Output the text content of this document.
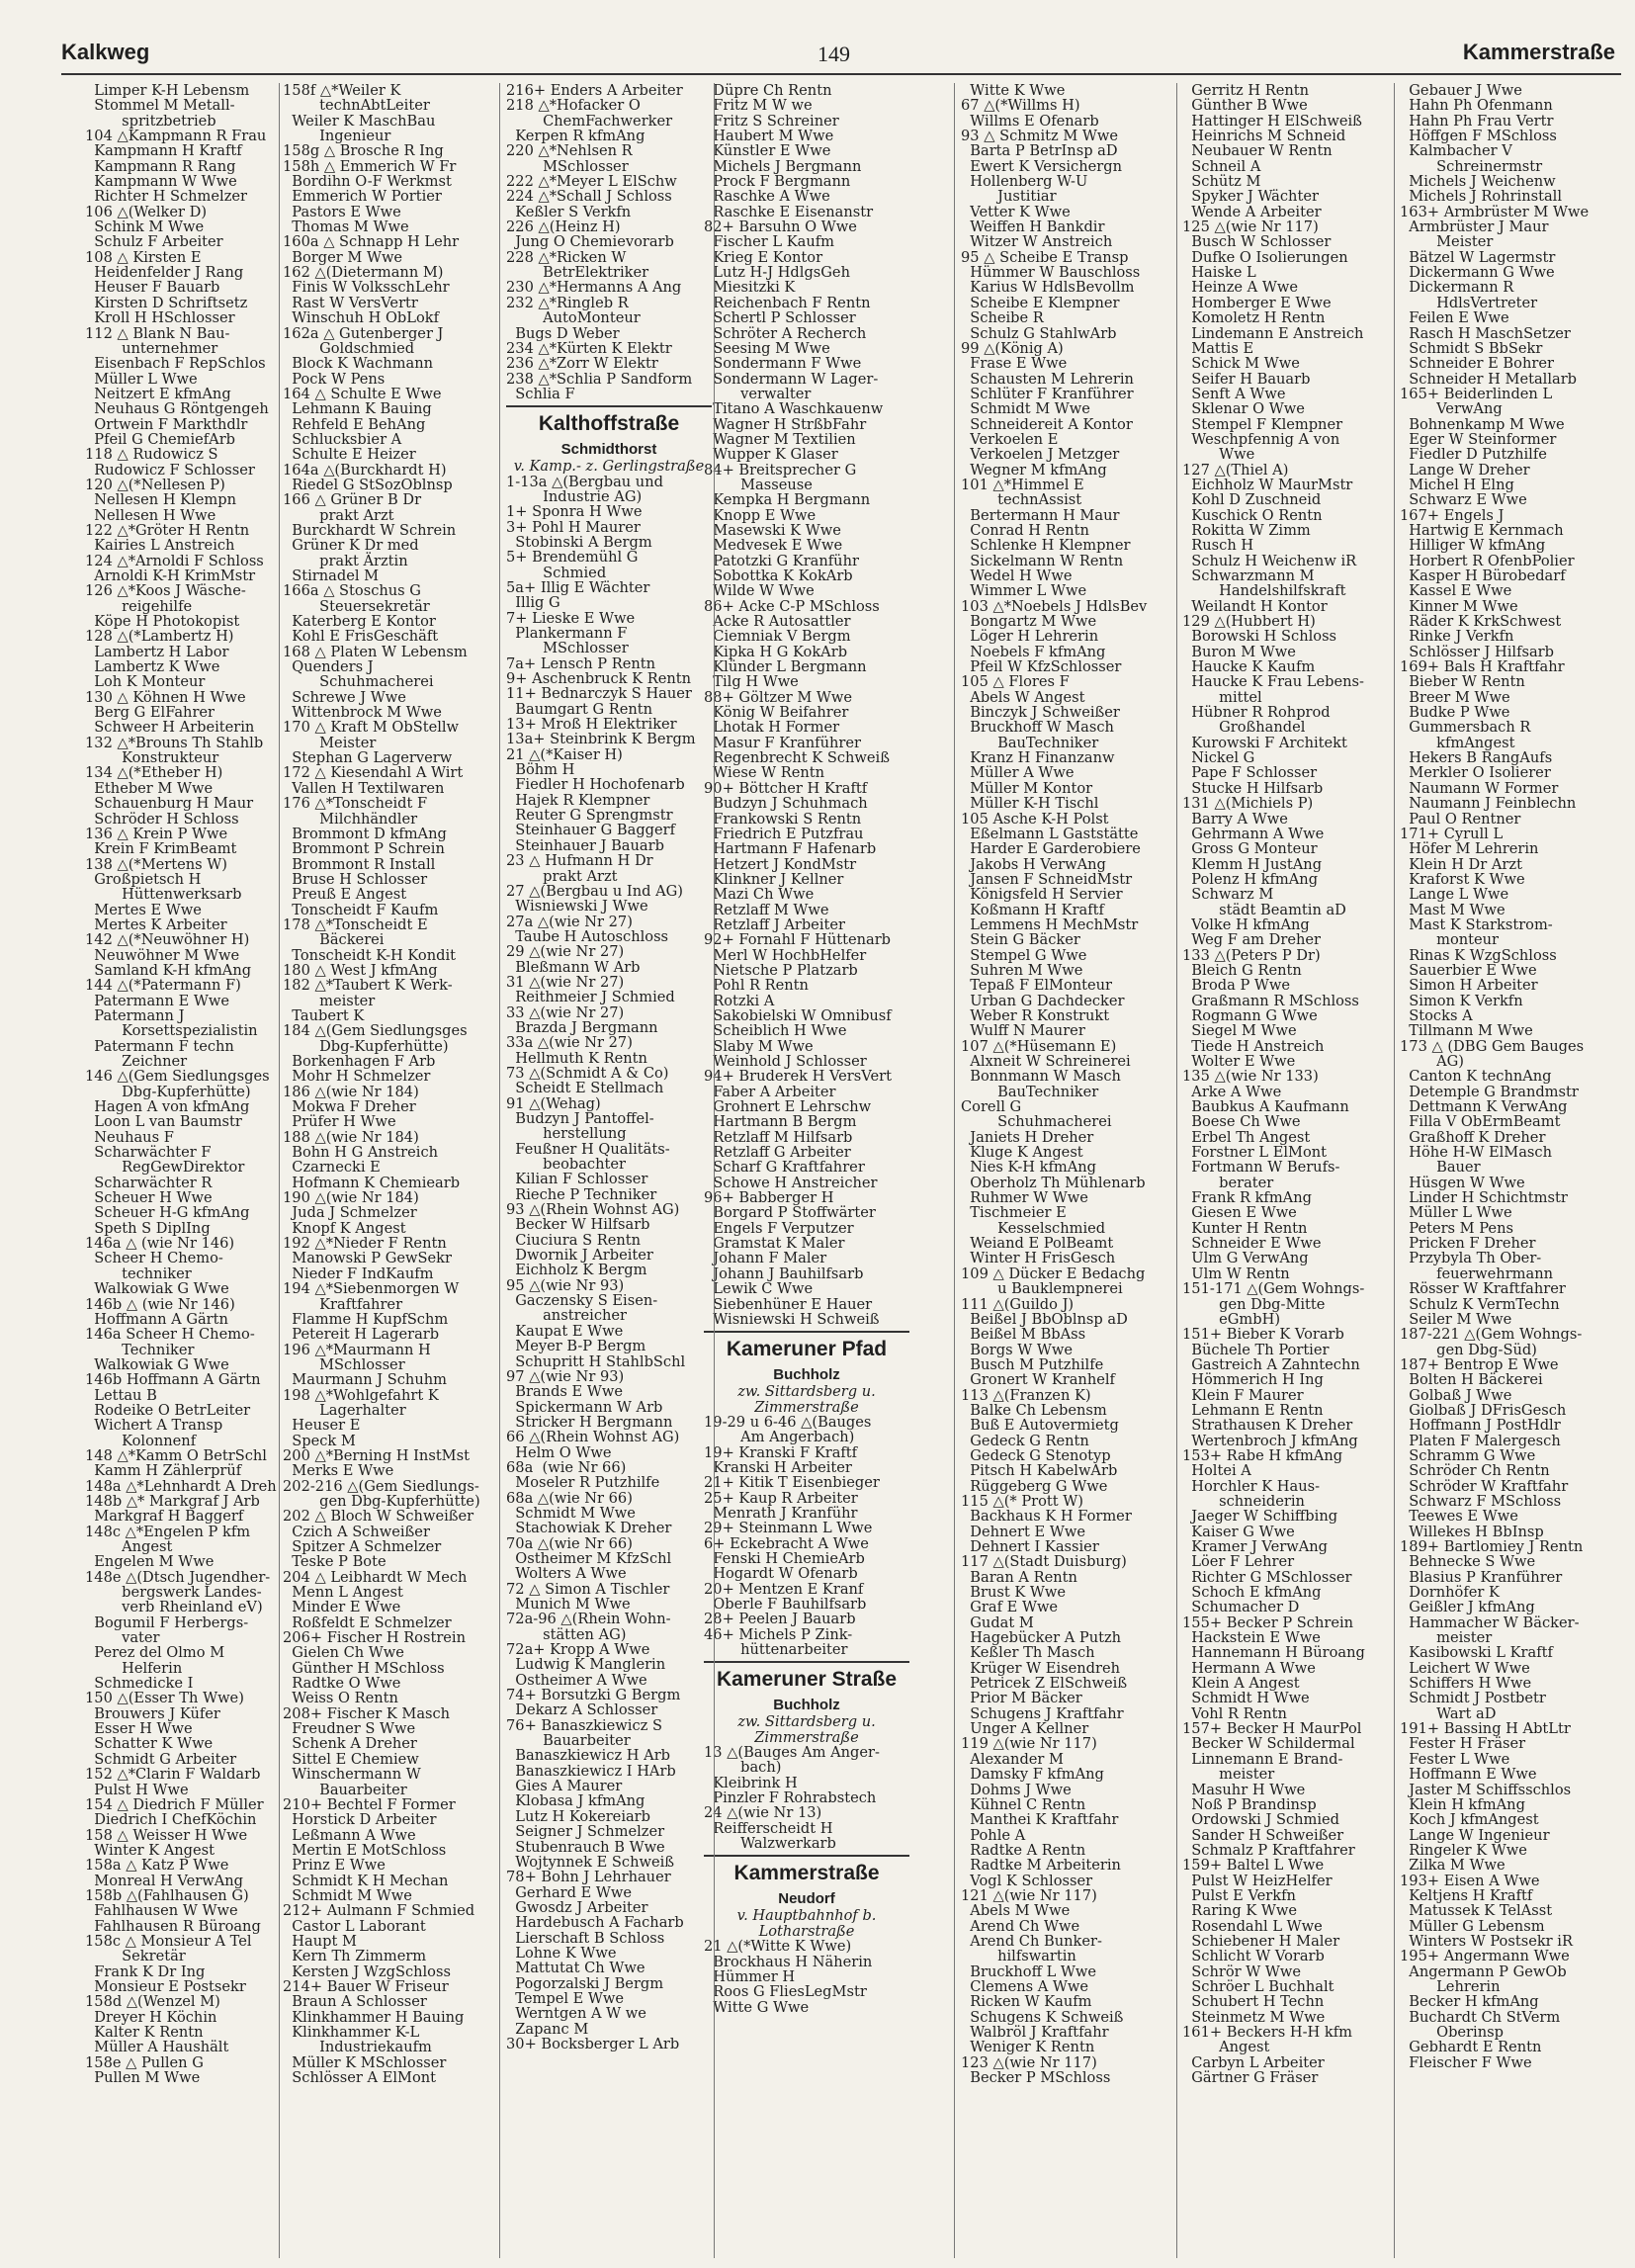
Kalkweg	149	Kammerstraße
Limper K-H Lebensm
Stommel M Metall-
spritzbetrieb
104 △Kampmann R Frau
Kampmann H Kraftf
Kampmann R Rang
Kampmann W Wwe
Richter H Schmelzer
106 △(Welker D)
Schink M Wwe
Schulz F Arbeiter
108 △ Kirsten E
Heidenfelder J Rang
Heuser F Bauarb
Kirsten D Schriftsetz
Kroll H HSchlosser
112 △ Blank N Bau-
unternehmer
Eisenbach F RepSchlos
Müller L Wwe
Neitzert E kfmAng
Neuhaus G Röntgengeh
Ortwein F Markthdlr
Pfeil G ChemiefArb
118 △ Rudowicz S
Rudowicz F Schlosser
120 △(*Nellesen P)
Nellesen H Klempn
Nellesen H Wwe
122 △*Gröter H Rentn
Kairies L Anstreich
124 △*Arnoldi F Schloss
Arnoldi K-H KrimMstr
126 △*Koos J Wäsche-
reigehilfe
Köpe H Photokopist
128 △(*Lambertz H)
Lambertz H Labor
Lambertz K Wwe
Loh K Monteur
130 △ Köhnen H Wwe
Berg G ElFahrer
Schweer H Arbeiterin
132 △*Brouns Th Stahlb
Konstrukteur
134 △(*Etheber H)
Etheber M Wwe
Schauenburg H Maur
Schröder H Schloss
136 △ Krein P Wwe
Krein F KrimBeamt
138 △(*Mertens W)
Großpietsch H
Hüttenwerksarb
Mertes E Wwe
Mertes K Arbeiter
142 △(*Neuwöhner H)
Neuwöhner M Wwe
Samland K-H kfmAng
144 △(*Patermann F)
Patermann E Wwe
Patermann J
Korsettspezialistin
Patermann F techn
Zeichner
146 △(Gem Siedlungsges
Dbg-Kupferhütte)
Hagen A von kfmAng
Loon L van Baumstr
Neuhaus F
Scharwächter F
RegGewDirektor
Scharwächter R
Scheuer H Wwe
Scheuer H-G kfmAng
Speth S DiplIng
146a △ (wie Nr 146)
Scheer H Chemo-
techniker
Walkowiak G Wwe
146b △ (wie Nr 146)
Hoffmann A Gärtn
146a Scheer H Chemo-
Techniker
Walkowiak G Wwe
146b Hoffmann A Gärtn
Lettau B
Rodeike O BetrLeiter
Wichert A Transp
Kolonnenf
148 △*Kamm O BetrSchl
Kamm H Zählerprüf
148a △*Lehnhardt A Dreh
148b △* Markgraf J Arb
Markgraf H Baggerf
148c △*Engelen P kfm
Angest
Engelen M Wwe
148e △(Dtsch Jugendher-
bergswerk Landes-
verb Rheinland eV)
Bogumil F Herbergs-
vater
Perez del Olmo M
Helferin
Schmedicke I
150 △(Esser Th Wwe)
Brouwers J Küfer
Esser H Wwe
Schatter K Wwe
Schmidt G Arbeiter
152 △*Clarin F Waldarb
Pulst H Wwe
154 △ Diedrich F Müller
Diedrich I ChefKöchin
158 △ Weisser H Wwe
Winter K Angest
158a △ Katz P Wwe
Monreal H VerwAng
158b △(Fahlhausen G)
Fahlhausen W Wwe
Fahlhausen R Büroang
158c △ Monsieur A Tel
Sekretär
Frank K Dr Ing
Monsieur E Postsekr
158d △(Wenzel M)
Dreyer H Köchin
Kalter K Rentn
Müller A Haushält
158e △ Pullen G
Pullen M Wwe
158f △*Weiler K
technAbtLeiter
Weiler K MaschBau
Ingenieur
158g △ Brosche R Ing
158h △ Emmerich W Fr
Bordihn O-F Werkmst
Emmerich W Portier
Pastors E Wwe
Thomas M Wwe
160a △ Schnapp H Lehr
Borger M Wwe
162 △(Dietermann M)
Finis W VolksschLehr
Rast W VersVertr
Winschuh H ObLokf
162a △ Gutenberger J
Goldschmied
Block K Wachmann
Pock W Pens
164 △ Schulte E Wwe
Lehmann K Bauing
Rehfeld E BehAng
Schlucksbier A
Schulte E Heizer
164a △(Burckhardt H)
Riedel G StSozOblnsp
166 △ Grüner B Dr
prakt Arzt
Burckhardt W Schrein
Grüner K Dr med
prakt Ärztin
Stirnadel M
166a △ Stoschus G
Steuersekretär
Katerberg E Kontor
Kohl E FrisGeschäft
168 △ Platen W Lebensm
Quenders J
Schuhmacherei
Schrewe J Wwe
Wittenbrock M Wwe
170 △ Kraft M ObStellw
Meister
Stephan G Lagerverw
172 △ Kiesendahl A Wirt
Vallen H Textilwaren
176 △*Tonscheidt F
Milchhändler
Brommont D kfmAng
Brommont P Schrein
Brommont R Install
Bruse H Schlosser
Preuß E Angest
Tonscheidt F Kaufm
178 △*Tonscheidt E
Bäckerei
Tonscheidt K-H Kondit
180 △ West J kfmAng
182 △*Taubert K Werk-
meister
Taubert K
184 △(Gem Siedlungsges
Dbg-Kupferhütte)
Borkenhagen F Arb
Mohr H Schmelzer
186 △(wie Nr 184)
Mokwa F Dreher
Prüfer H Wwe
188 △(wie Nr 184)
Bohn H G Anstreich
Czarnecki E
Hofmann K Chemiearb
190 △(wie Nr 184)
Juda J Schmelzer
Knopf K Angest
192 △*Nieder F Rentn
Manowski P GewSekr
Nieder F IndKaufm
194 △*Siebenmorgen W
Kraftfahrer
Flamme H KupfSchm
Petereit H Lagerarb
196 △*Maurmann H
MSchlosser
Maurmann J Schuhm
198 △*Wohlgefahrt K
Lagerhalter
Heuser E
Speck M
200 △*Berning H InstMst
Merks E Wwe
202-216 △(Gem Siedlungs-
gen Dbg-Kupferhütte)
202 △ Bloch W Schweißer
Czich A Schweißer
Spitzer A Schmelzer
Teske P Bote
204 △ Leibhardt W Mech
Menn L Angest
Minder E Wwe
Roßfeldt E Schmelzer
206+ Fischer H Rostrein
Gielen Ch Wwe
Günther H MSchloss
Radtke O Wwe
Weiss O Rentn
208+ Fischer K Masch
Freudner S Wwe
Schenk A Dreher
Sittel E Chemiew
Winschermann W
Bauarbeiter
210+ Bechtel F Former
Horstick D Arbeiter
Leßmann A Wwe
Mertin E MotSchloss
Prinz E Wwe
Schmidt K H Mechan
Schmidt M Wwe
212+ Aulmann F Schmied
Castor L Laborant
Haupt M
Kern Th Zimmerm
Kersten J WzgSchloss
214+ Bauer W Friseur
Braun A Schlosser
Klinkhammer H Bauing
Klinkhammer K-L
Industriekaufm
Müller K MSchlosser
Schlösser A ElMont
216+ Enders A Arbeiter
218 △*Hofacker O
ChemFachwerker
Kerpen R kfmAng
220 △*Nehlsen R
MSchlosser
222 △*Meyer L ElSchw
224 △*Schall J Schloss
Keßler S Verkfn
226 △(Heinz H)
Jung O Chemievorarb
228 △*Ricken W
BetrElektriker
230 △*Hermanns A Ang
232 △*Ringleb R
AutoMonteur
Bugs D Weber
234 △*Kürten K Elektr
236 △*Zorr W Elektr
238 △*Schlia P Sandform
Schlia F
Kalthoffstraße
Schmidthorst
v. Kamp.- z. Gerlingstraße
1-13a △(Bergbau und
Industrie AG)
1+ Sponra H Wwe
3+ Pohl H Maurer
Stobinski A Bergm
5+ Brendemühl G
Schmied
5a+ Illig E Wächter
Illig G
7+ Lieske E Wwe
Plankermann F
MSchlosser
7a+ Lensch P Rentn
9+ Aschenbruck K Rentn
11+ Bednarczyk S Hauer
Baumgart G Rentn
13+ Mroß H Elektriker
13a+ Steinbrink K Bergm
21 △(*Kaiser H)
Böhm H
Fiedler H Hochofenarb
Hajek R Klempner
Reuter G Sprengmstr
Steinhauer G Baggerf
Steinhauer J Bauarb
23 △ Hufmann H Dr
prakt Arzt
27 △(Bergbau u Ind AG)
Wisniewski J Wwe
27a △(wie Nr 27)
Taube H Autoschloss
29 △(wie Nr 27)
Bleßmann W Arb
31 △(wie Nr 27)
Reithmeier J Schmied
33 △(wie Nr 27)
Brazda J Bergmann
33a △(wie Nr 27)
Hellmuth K Rentn
73 △(Schmidt A & Co)
Scheidt E Stellmach
91 △(Wehag)
Budzyn J Pantoffel-
herstellung
Feußner H Qualitäts-
beobachter
Kilian F Schlosser
Rieche P Techniker
93 △(Rhein Wohnst AG)
Becker W Hilfsarb
Ciuciura S Rentn
Dwornik J Arbeiter
Eichholz K Bergm
95 △(wie Nr 93)
Gaczensky S Eisen-
anstreicher
Kaupat E Wwe
Meyer B-P Bergm
Schupritt H StahlbSchl
97 △(wie Nr 93)
Brands E Wwe
Spickermann W Arb
Stricker H Bergmann
66 △(Rhein Wohnst AG)
Helm O Wwe
68a  (wie Nr 66)
Moseler R Putzhilfe
68a △(wie Nr 66)
Schmidt M Wwe
Stachowiak K Dreher
70a △(wie Nr 66)
Ostheimer M KfzSchl
Wolters A Wwe
72 △ Simon A Tischler
Munich M Wwe
72a-96 △(Rhein Wohn-
stätten AG)
72a+ Kropp A Wwe
Ludwig K Manglerin
Ostheimer A Wwe
74+ Borsutzki G Bergm
Dekarz A Schlosser
76+ Banaszkiewicz S
Bauarbeiter
Banaszkiewicz H Arb
Banaszkiewicz I HArb
Gies A Maurer
Klobasa J kfmAng
Lutz H Kokereiarb
Seigner J Schmelzer
Stubenrauch B Wwe
Wojtynnek E Schweiß
78+ Bohn J Lehrhauer
Gerhard E Wwe
Gwosdz J Arbeiter
Hardebusch A Facharb
Lierschaft B Schloss
Lohne K Wwe
Mattutat Ch Wwe
Pogorzalski J Bergm
Tempel E Wwe
Werntgen A W we
Zapanc M
30+ Bocksberger L Arb
Düpre Ch Rentn
Fritz M W we
Fritz S Schreiner
Haubert M Wwe
Künstler E Wwe
Michels J Bergmann
Prock F Bergmann
Raschke A Wwe
Raschke E Eisenanstr
82+ Barsuhn O Wwe
Fischer L Kaufm
Krieg E Kontor
Lutz H-J HdlgsGeh
Miesitzki K
Reichenbach F Rentn
Schertl P Schlosser
Schröter A Recherch
Seesing M Wwe
Sondermann F Wwe
Sondermann W Lager-
verwalter
Titano A Waschkauenw
Wagner H StrßbFahr
Wagner M Textilien
Wupper K Glaser
84+ Breitsprecher G
Masseuse
Kempka H Bergmann
Knopp E Wwe
Masewski K Wwe
Medvesek E Wwe
Patotzki G Kranführ
Sobottka K KokArb
Wilde W Wwe
86+ Acke C-P MSchloss
Acke R Autosattler
Ciemniak V Bergm
Kipka H G KokArb
Klünder L Bergmann
Tilg H Wwe
88+ Göltzer M Wwe
König W Beifahrer
Lhotak H Former
Masur F Kranführer
Regenbrecht K Schweiß
Wiese W Rentn
90+ Böttcher H Kraftf
Budzyn J Schuhmach
Frankowski S Rentn
Friedrich E Putzfrau
Hartmann F Hafenarb
Hetzert J KondMstr
Klinkner J Kellner
Mazi Ch Wwe
Retzlaff M Wwe
Retzlaff J Arbeiter
92+ Fornahl F Hüttenarb
Merl W HochbHelfer
Nietsche P Platzarb
Pohl R Rentn
Rotzki A
Sakobielski W Omnibusf
Scheiblich H Wwe
Slaby M Wwe
Weinhold J Schlosser
94+ Bruderek H VersVert
Faber A Arbeiter
Grohnert E Lehrschw
Hartmann B Bergm
Retzlaff M Hilfsarb
Retzlaff G Arbeiter
Scharf G Kraftfahrer
Schowe H Anstreicher
96+ Babberger H
Borgard P Stoffwärter
Engels F Verputzer
Gramstat K Maler
Johann F Maler
Johann J Bauhilfsarb
Lewik C Wwe
Siebenhüner E Hauer
Wisniewski H Schweiß
Kameruner Pfad
Buchholz
zw. Sittardsberg u.
Zimmerstraße
19-29 u 6-46 △(Bauges
Am Angerbach)
19+ Kranski F Kraftf
Kranski H Arbeiter
21+ Kitik T Eisenbieger
25+ Kaup R Arbeiter
Menrath J Kranführ
29+ Steinmann L Wwe
6+ Eckebracht A Wwe
Fenski H ChemieArb
Hogardt W Ofenarb
20+ Mentzen E Kranf
Oberle F Bauhilfsarb
28+ Peelen J Bauarb
46+ Michels P Zink-
hüttenarbeiter
Kameruner Straße
Buchholz
zw. Sittardsberg u.
Zimmerstraße
13 △(Bauges Am Anger-
bach)
Kleibrink H
Pinzler F Rohrabstech
24 △(wie Nr 13)
Reifferscheidt H
Walzwerkarb
Kammerstraße
Neudorf
v. Hauptbahnhof b.
Lotharstraße
21 △(*Witte K Wwe)
Brockhaus H Näherin
Hümmer H
Roos G FliesLegMstr
Witte G Wwe
Witte K Wwe
67 △(*Willms H)
Willms E Ofenarb
93 △ Schmitz M Wwe
Barta P BetrInsp aD
Ewert K Versichergn
Hollenberg W-U
Justitiar
Vetter K Wwe
Weiffen H Bankdir
Witzer W Anstreich
95 △ Scheibe E Transp
Hümmer W Bauschloss
Karius W HdlsBevollm
Scheibe E Klempner
Scheibe R
Schulz G StahlwArb
99 △(König A)
Frase E Wwe
Schausten M Lehrerin
Schlüter F Kranführer
Schmidt M Wwe
Schneidereit A Kontor
Verkoelen E
Verkoelen J Metzger
Wegner M kfmAng
101 △*Himmel E
technAssist
Bertermann H Maur
Conrad H Rentn
Schlenke H Klempner
Sickelmann W Rentn
Wedel H Wwe
Wimmer L Wwe
103 △*Noebels J HdlsBev
Bongartz M Wwe
Löger H Lehrerin
Noebels F kfmAng
Pfeil W KfzSchlosser
105 △ Flores F
Abels W Angest
Binczyk J Schweißer
Bruckhoff W Masch
BauTechniker
Kranz H Finanzanw
Müller A Wwe
Müller M Kontor
Müller K-H Tischl
105 Asche K-H Polst
Eßelmann L Gaststätte
Harder E Garderobiere
Jakobs H VerwAng
Jansen F SchneidMstr
Königsfeld H Servier
Koßmann H Kraftf
Lemmens H MechMstr
Stein G Bäcker
Stempel G Wwe
Suhren M Wwe
Tepaß F ElMonteur
Urban G Dachdecker
Weber R Konstrukt
Wulff N Maurer
107 △(*Hüsemann E)
Alxneit W Schreinerei
Bonnmann W Masch
BauTechniker
Corell G
Schuhmacherei
Janiets H Dreher
Kluge K Angest
Nies K-H kfmAng
Oberholz Th Mühlenarb
Ruhmer W Wwe
Tischmeier E
Kesselschmied
Weiand E PolBeamt
Winter H FrisGesch
109 △ Dücker E Bedachg
u Bauklempnerei
111 △(Guildo J)
Beißel J BbOblnsp aD
Beißel M BbAss
Borgs W Wwe
Busch M Putzhilfe
Gronert W Kranhelf
113 △(Franzen K)
Balke Ch Lebensm
Buß E Autovermietg
Gedeck G Rentn
Gedeck G Stenotyp
Pitsch H KabelwArb
Rüggeberg G Wwe
115 △(* Prott W)
Backhaus K H Former
Dehnert E Wwe
Dehnert I Kassier
117 △(Stadt Duisburg)
Baran A Rentn
Brust K Wwe
Graf E Wwe
Gudat M
Hagebücker A Putzh
Keßler Th Masch
Krüger W Eisendreh
Petricek Z ElSchweiß
Prior M Bäcker
Schugens J Kraftfahr
Unger A Kellner
119 △(wie Nr 117)
Alexander M
Damsky F kfmAng
Dohms J Wwe
Kühnel C Rentn
Manthei K Kraftfahr
Pohle A
Radtke A Rentn
Radtke M Arbeiterin
Vogl K Schlosser
121 △(wie Nr 117)
Abels M Wwe
Arend Ch Wwe
Arend Ch Bunker-
hilfswartin
Bruckhoff L Wwe
Clemens A Wwe
Ricken W Kaufm
Schugens K Schweiß
Walbröl J Kraftfahr
Weniger K Rentn
123 △(wie Nr 117)
Becker P MSchloss
Gerritz H Rentn
Günther B Wwe
Hattinger H ElSchweiß
Heinrichs M Schneid
Neubauer W Rentn
Schneil A
Schütz M
Spyker J Wächter
Wende A Arbeiter
125 △(wie Nr 117)
Busch W Schlosser
Dufke O Isolierungen
Haiske L
Heinze A Wwe
Homberger E Wwe
Komoletz H Rentn
Lindemann E Anstreich
Mattis E
Schick M Wwe
Seifer H Bauarb
Senft A Wwe
Sklenar O Wwe
Stempel F Klempner
Weschpfennig A von
Wwe
127 △(Thiel A)
Eichholz W MaurMstr
Kohl D Zuschneid
Kuschick O Rentn
Rokitta W Zimm
Rusch H
Schulz H Weichenw iR
Schwarzmann M
Handelshilfskraft
Weilandt H Kontor
129 △(Hubbert H)
Borowski H Schloss
Buron M Wwe
Haucke K Kaufm
Haucke K Frau Lebens-
mittel
Hübner R Rohprod
Großhandel
Kurowski F Architekt
Nickel G
Pape F Schlosser
Stucke H Hilfsarb
131 △(Michiels P)
Barry A Wwe
Gehrmann A Wwe
Gross G Monteur
Klemm H JustAng
Polenz H kfmAng
Schwarz M
städt Beamtin aD
Volke H kfmAng
Weg F am Dreher
133 △(Peters P Dr)
Bleich G Rentn
Broda P Wwe
Graßmann R MSchloss
Rogmann G Wwe
Siegel M Wwe
Tiede H Anstreich
Wolter E Wwe
135 △(wie Nr 133)
Arke A Wwe
Baubkus A Kaufmann
Boese Ch Wwe
Erbel Th Angest
Forstner L ElMont
Fortmann W Berufs-
berater
Frank R kfmAng
Giesen E Wwe
Kunter H Rentn
Schneider E Wwe
Ulm G VerwAng
Ulm W Rentn
151-171 △(Gem Wohngs-
gen Dbg-Mitte
eGmbH)
151+ Bieber K Vorarb
Büchele Th Portier
Gastreich A Zahntechn
Hömmerich H Ing
Klein F Maurer
Lehmann E Rentn
Strathausen K Dreher
Wertenbroch J kfmAng
153+ Rabe H kfmAng
Holtei A
Horchler K Haus-
schneiderin
Jaeger W Schiffbing
Kaiser G Wwe
Kramer J VerwAng
Löer F Lehrer
Richter G MSchlosser
Schoch E kfmAng
Schumacher D
155+ Becker P Schrein
Hackstein E Wwe
Hannemann H Büroang
Hermann A Wwe
Klein A Angest
Schmidt H Wwe
Vohl R Rentn
157+ Becker H MaurPol
Becker W Schildermal
Linnemann E Brand-
meister
Masuhr H Wwe
Noß P Brandinsp
Ordowski J Schmied
Sander H Schweißer
Schmalz P Kraftfahrer
159+ Baltel L Wwe
Pulst W HeizHelfer
Pulst E Verkfn
Raring K Wwe
Rosendahl L Wwe
Schiebener H Maler
Schlicht W Vorarb
Schrör W Wwe
Schröer L Buchhalt
Schubert H Techn
Steinmetz M Wwe
161+ Beckers H-H kfm
Angest
Carbyn L Arbeiter
Gärtner G Fräser
Gebauer J Wwe
Hahn Ph Ofenmann
Hahn Ph Frau Vertr
Höffgen F MSchloss
Kalmbacher V
Schreinermstr
Michels J Weichenw
Michels J Rohrinstall
163+ Armbrüster M Wwe
Armbrüster J Maur
Meister
Bätzel W Lagermstr
Dickermann G Wwe
Dickermann R
HdlsVertreter
Feilen E Wwe
Rasch H MaschSetzer
Schmidt S BbSekr
Schneider E Bohrer
Schneider H Metallarb
165+ Beiderlinden L
VerwAng
Bohnenkamp M Wwe
Eger W Steinformer
Fiedler D Putzhilfe
Lange W Dreher
Michel H Elng
Schwarz E Wwe
167+ Engels J
Hartwig E Kernmach
Hilliger W kfmAng
Horbert R OfenbPolier
Kasper H Bürobedarf
Kassel E Wwe
Kinner M Wwe
Räder K KrkSchwest
Rinke J Verkfn
Schlösser J Hilfsarb
169+ Bals H Kraftfahr
Bieber W Rentn
Breer M Wwe
Budke P Wwe
Gummersbach R
kfmAngest
Hekers B RangAufs
Merkler O Isolierer
Naumann W Former
Naumann J Feinblechn
Paul O Rentner
171+ Cyrull L
Höfer M Lehrerin
Klein H Dr Arzt
Kraforst K Wwe
Lange L Wwe
Mast M Wwe
Mast K Starkstrom-
monteur
Rinas K WzgSchloss
Sauerbier E Wwe
Simon H Arbeiter
Simon K Verkfn
Stocks A
Tillmann M Wwe
173 △ (DBG Gem Bauges
AG)
Canton K technAng
Detemple G Brandmstr
Dettmann K VerwAng
Filla V ObErmBeamt
Graßhoff K Dreher
Höhe H-W ElMasch
Bauer
Hüsgen W Wwe
Linder H Schichtmstr
Müller L Wwe
Peters M Pens
Pricken F Dreher
Przybyla Th Ober-
feuerwehrmann
Rösser W Kraftfahrer
Schulz K VermTechn
Seiler M Wwe
187-221 △(Gem Wohngs-
gen Dbg-Süd)
187+ Bentrop E Wwe
Bolten H Bäckerei
Golbaß J Wwe
Giolbaß J DFrisGesch
Hoffmann J PostHdlr
Platen F Malergesch
Schramm G Wwe
Schröder Ch Rentn
Schröder W Kraftfahr
Schwarz F MSchloss
Teewes E Wwe
Willekes H BbInsp
189+ Bartlomiey J Rentn
Behnecke S Wwe
Blasius P Kranführer
Dornhöfer K
Geißler J kfmAng
Hammacher W Bäcker-
meister
Kasibowski L Kraftf
Leichert W Wwe
Schiffers H Wwe
Schmidt J Postbetr
Wart aD
191+ Bassing H AbtLtr
Fester H Fräser
Fester L Wwe
Hoffmann E Wwe
Jaster M Schiffsschlos
Klein H kfmAng
Koch J kfmAngest
Lange W Ingenieur
Ringeler K Wwe
Zilka M Wwe
193+ Eisen A Wwe
Keltjens H Kraftf
Matussek K TelAsst
Müller G Lebensm
Winters W Postsekr iR
195+ Angermann Wwe
Angermann P GewOb
Lehrerin
Becker H kfmAng
Buchardt Ch StVerm
Oberinsp
Gebhardt E Rentn
Fleischer F Wwe
